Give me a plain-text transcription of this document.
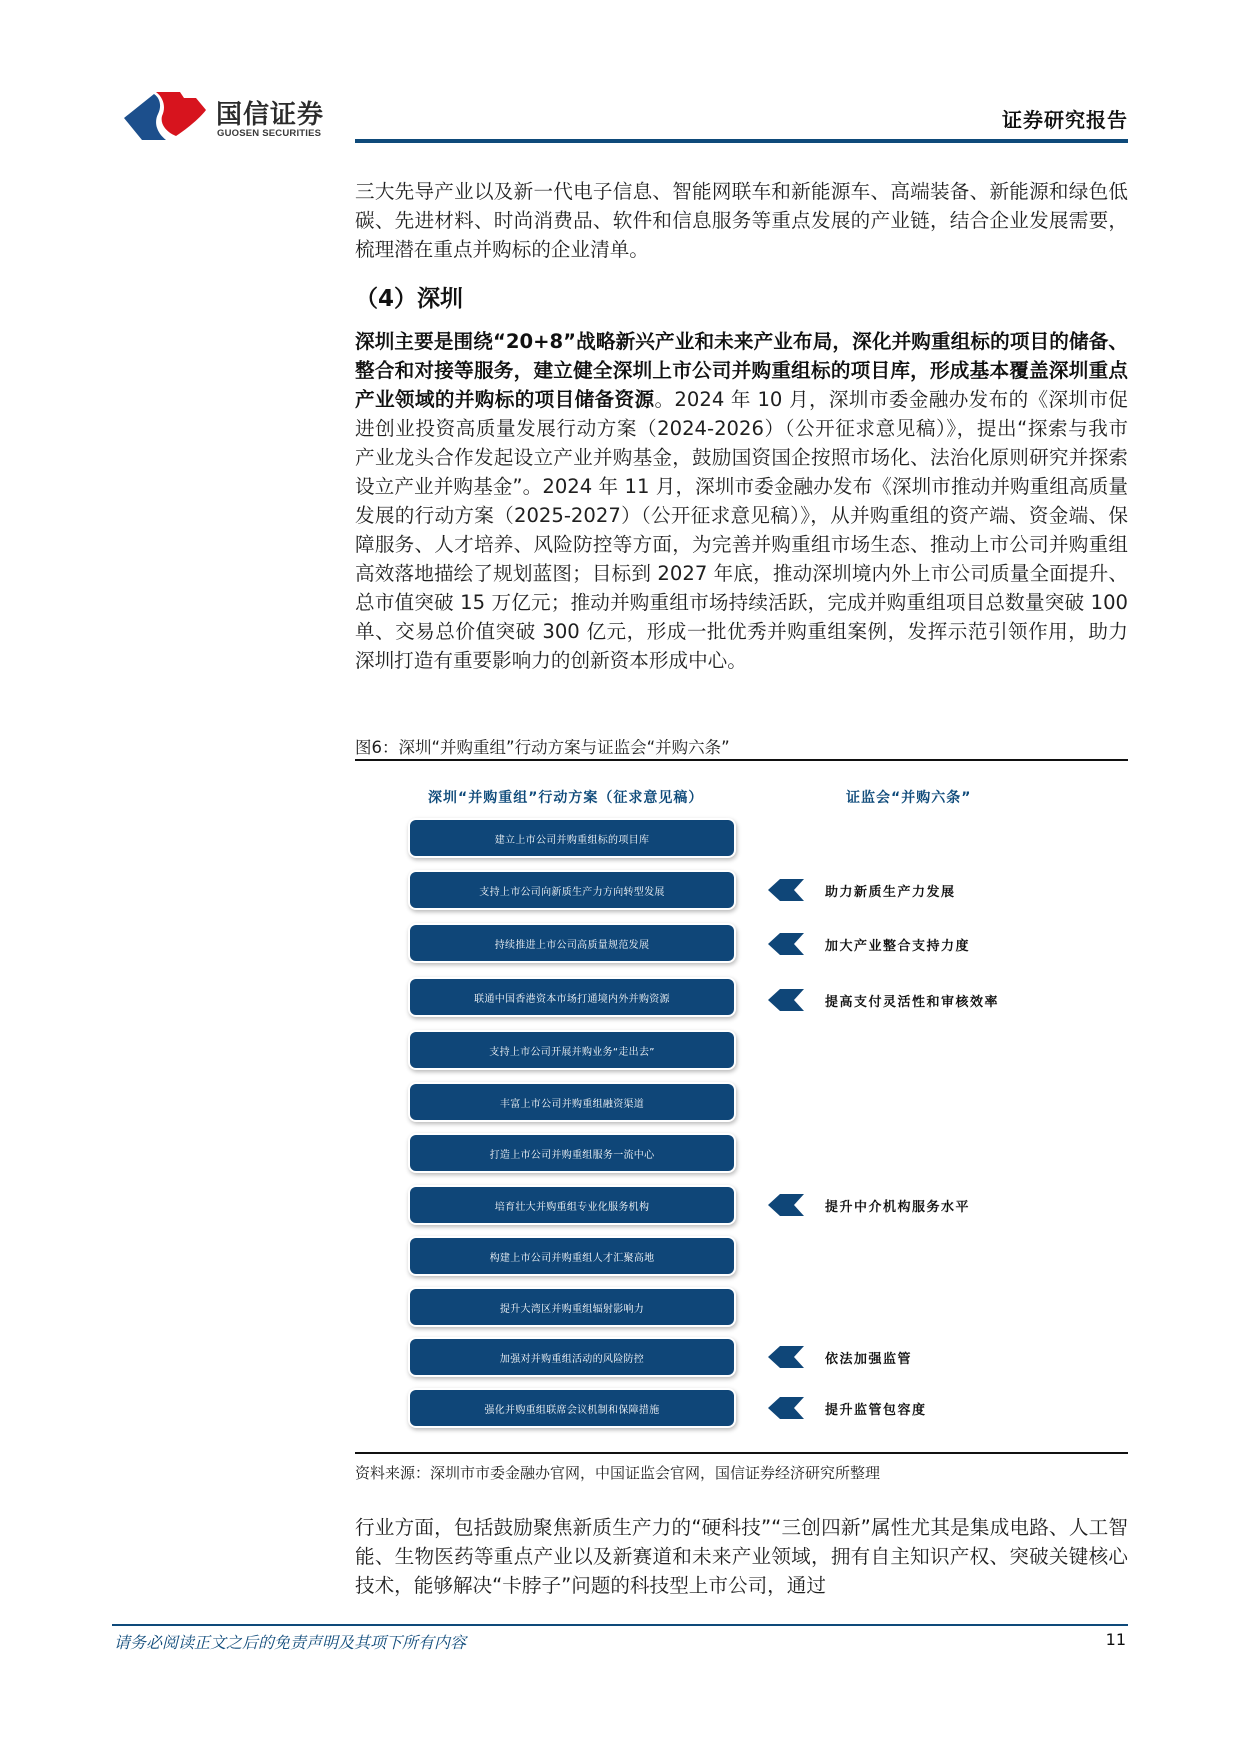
国信证券
GUOSEN SECURITIES
证券研究报告
三大先导产业以及新一代电子信息、智能网联车和新能源车、高端装备、新能源和绿色低碳、先进材料、时尚消费品、软件和信息服务等重点发展的产业链，结合企业发展需要，梳理潜在重点并购标的企业清单。
（4）深圳
深圳主要是围绕“20+8”战略新兴产业和未来产业布局，深化并购重组标的项目的储备、整合和对接等服务，建立健全深圳上市公司并购重组标的项目库，形成基本覆盖深圳重点产业领域的并购标的项目储备资源。2024 年 10 月，深圳市委金融办发布的《深圳市促进创业投资高质量发展行动方案（2024-2026）（公开征求意见稿）》，提出“探索与我市产业龙头合作发起设立产业并购基金，鼓励国资国企按照市场化、法治化原则研究并探索设立产业并购基金”。2024 年 11 月，深圳市委金融办发布《深圳市推动并购重组高质量发展的行动方案（2025-2027）（公开征求意见稿）》，从并购重组的资产端、资金端、保障服务、人才培养、风险防控等方面，为完善并购重组市场生态、推动上市公司并购重组高效落地描绘了规划蓝图；目标到 2027 年底，推动深圳境内外上市公司质量全面提升、总市值突破 15 万亿元；推动并购重组市场持续活跃，完成并购重组项目总数量突破 100 单、交易总价值突破 300 亿元，形成一批优秀并购重组案例，发挥示范引领作用，助力深圳打造有重要影响力的创新资本形成中心。
图6：深圳“并购重组”行动方案与证监会“并购六条”
深圳“并购重组”行动方案（征求意见稿）	证监会“并购六条”
建立上市公司并购重组标的项目库
支持上市公司向新质生产力方向转型发展
持续推进上市公司高质量规范发展
联通中国香港资本市场打通境内外并购资源
支持上市公司开展并购业务“走出去”
丰富上市公司并购重组融资渠道
打造上市公司并购重组服务一流中心
培育壮大并购重组专业化服务机构
构建上市公司并购重组人才汇聚高地
提升大湾区并购重组辐射影响力
加强对并购重组活动的风险防控
强化并购重组联席会议机制和保障措施
助力新质生产力发展
加大产业整合支持力度
提高支付灵活性和审核效率
提升中介机构服务水平
依法加强监管
提升监管包容度
资料来源：深圳市市委金融办官网，中国证监会官网，国信证券经济研究所整理
行业方面，包括鼓励聚焦新质生产力的“硬科技”“三创四新”属性尤其是集成电路、人工智能、生物医药等重点产业以及新赛道和未来产业领域，拥有自主知识产权、突破关键核心技术，能够解决“卡脖子”问题的科技型上市公司，通过
请务必阅读正文之后的免责声明及其项下所有内容	11
